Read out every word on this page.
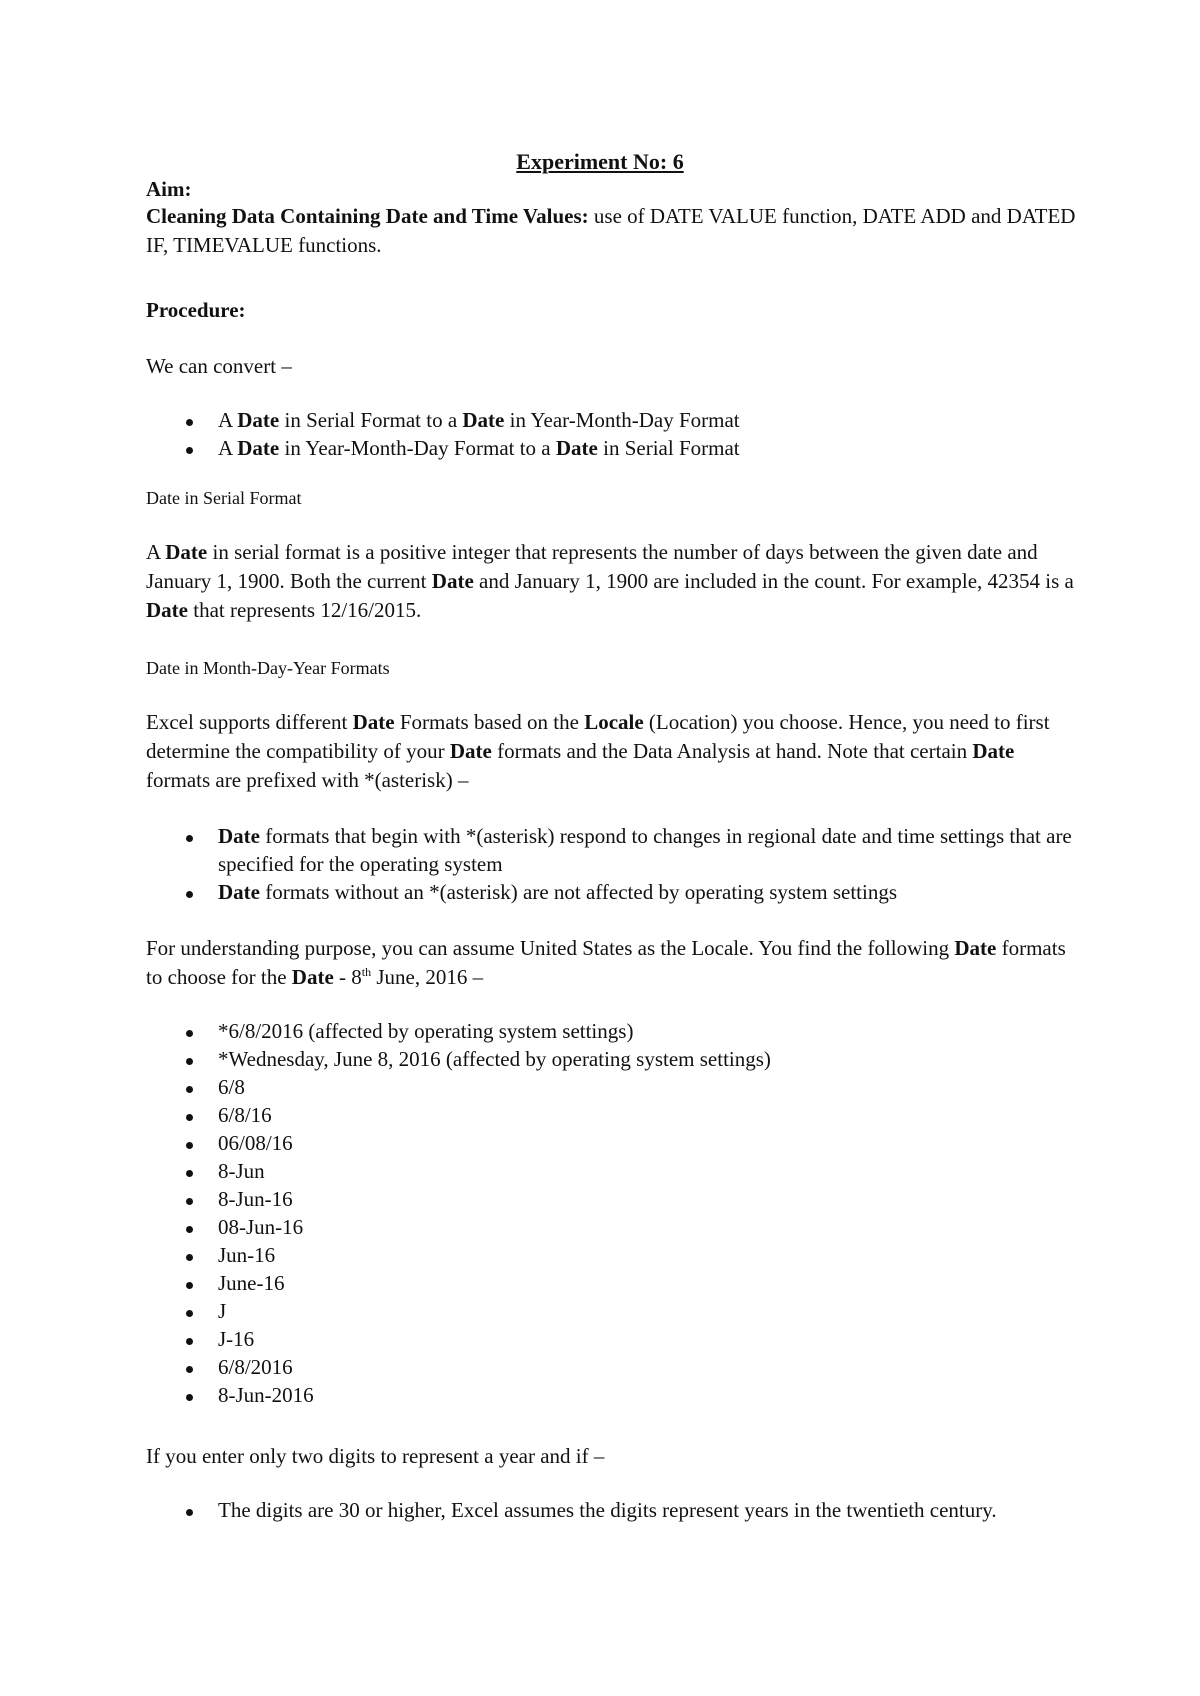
Experiment No: 6

Aim:

Cleaning Data Containing Date and Time Values: use of DATE VALUE function, DATE ADD and DATED IF, TIMEVALUE functions.

Procedure:

We can convert –

A Date in Serial Format to a Date in Year-Month-Day Format
A Date in Year-Month-Day Format to a Date in Serial Format

Date in Serial Format

A Date in serial format is a positive integer that represents the number of days between the given date and January 1, 1900. Both the current Date and January 1, 1900 are included in the count. For example, 42354 is a Date that represents 12/16/2015.

Date in Month-Day-Year Formats

Excel supports different Date Formats based on the Locale (Location) you choose. Hence, you need to first determine the compatibility of your Date formats and the Data Analysis at hand. Note that certain Date formats are prefixed with *(asterisk) –

Date formats that begin with *(asterisk) respond to changes in regional date and time settings that are specified for the operating system
Date formats without an *(asterisk) are not affected by operating system settings

For understanding purpose, you can assume United States as the Locale. You find the following Date formats to choose for the Date - 8th June, 2016 –

*6/8/2016 (affected by operating system settings)
*Wednesday, June 8, 2016 (affected by operating system settings)
6/8
6/8/16
06/08/16
8-Jun
8-Jun-16
08-Jun-16
Jun-16
June-16
J
J-16
6/8/2016
8-Jun-2016

If you enter only two digits to represent a year and if –

The digits are 30 or higher, Excel assumes the digits represent years in the twentieth century.
